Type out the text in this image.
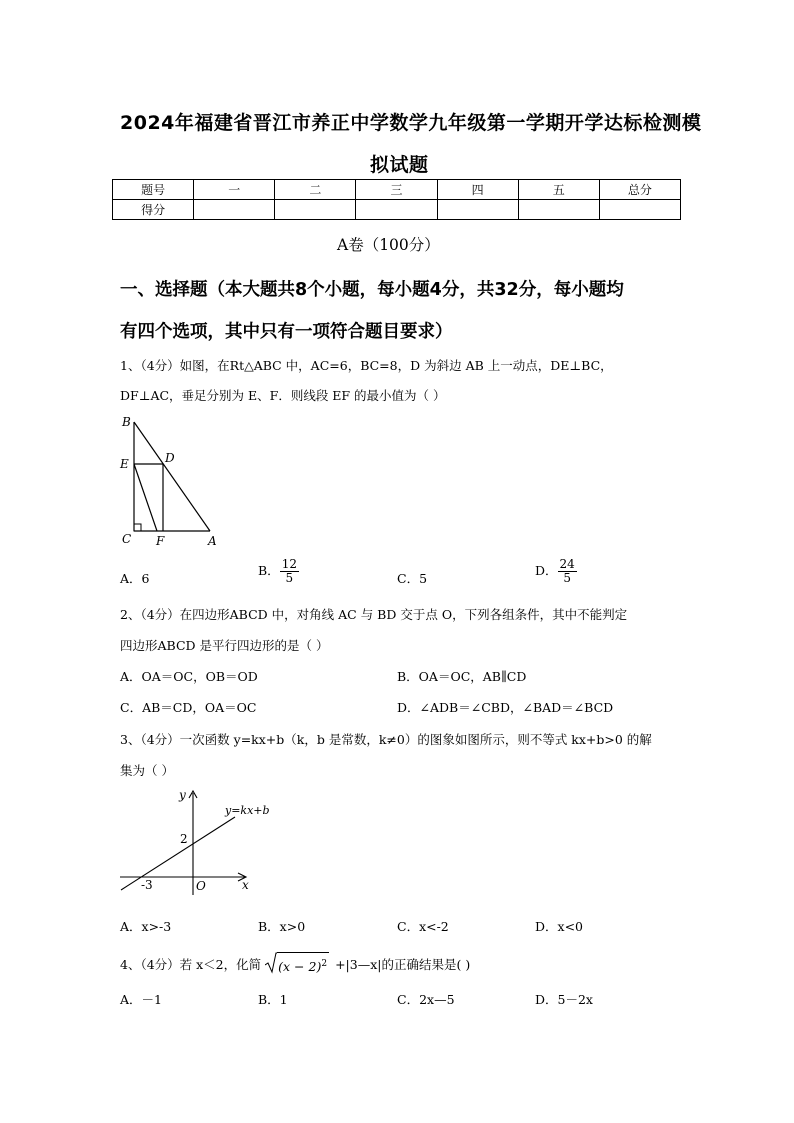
2024年福建省晋江市养正中学数学九年级第一学期开学达标检测模
拟试题
题号	一	二	三	四	五	总分
得分						
A卷（100分）
一、选择题（本大题共8个小题，每小题4分，共32分，每小题均
有四个选项，其中只有一项符合题目要求）
1、（4分）如图，在Rt△ABC 中，AC=6，BC=8，D 为斜边 AB 上一动点，DE⊥BC，
DF⊥AC，垂足分别为 E、F．则线段 EF 的最小值为（ ）
B
E	D
C F	A
A．6
B． $\frac{12}{5}$	C．5
D． $\frac{24}{5}$
2、（4分）在四边形ABCD 中，对角线 AC 与 BD 交于点 O，下列各组条件，其中不能判定
四边形ABCD 是平行四边形的是（ ）
A．OA＝OC，OB＝OD	B．OA＝OC，AB∥CD
C．AB＝CD，OA＝OC	D．∠ADB＝∠CBD，∠BAD＝∠BCD
3、（4分）一次函数 y=kx+b（k，b 是常数，k≠0）的图象如图所示，则不等式 kx+b>0 的解
集为（ ）
y
y=kx+b
2
-3	O	x
A．x>-3	B．x>0	C．x<-2	D．x<0
4、（4分）若 x＜2，化简 $(x - 2)^2$ +|3—x| 的正确结果是( )
A．－1	B．1	C．2x—5	D．5－2x
